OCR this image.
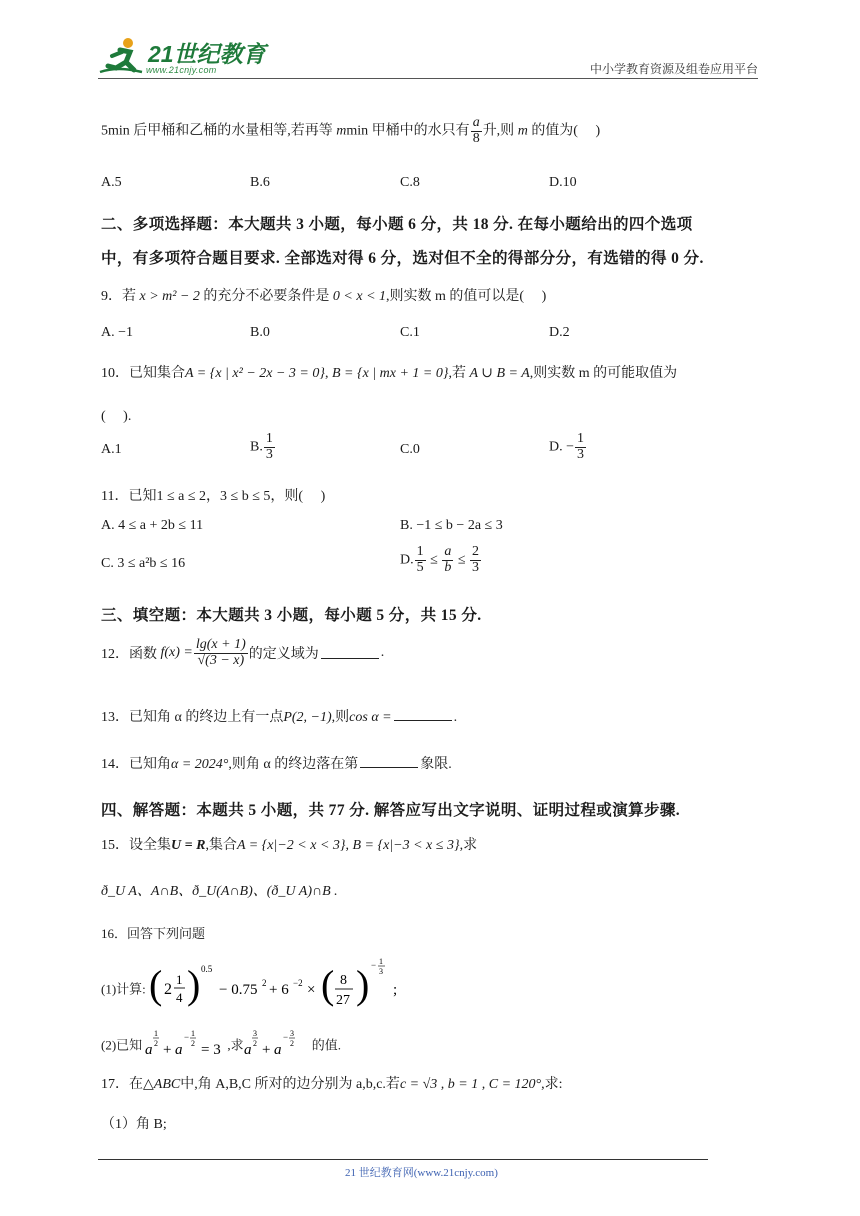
21世纪教育
www.21cnjy.com	中小学教育资源及组卷应用平台
5min 后甲桶和乙桶的水量相等,若再等 mmin 甲桶中的水只有 $\frac{a}{8}$ 升,则 m 的值为(　 )
A.5	B.6	C.8	D.10
二、多项选择题：本大题共 3 小题，每小题 6 分，共 18 分. 在每小题给出的四个选项
中，有多项符合题目要求. 全部选对得 6 分，选对但不全的得部分分，有选错的得 0 分.
9．若 x > m² − 2 的充分不必要条件是 0 < x < 1,则实数 m 的值可以是(　 )
A. −1	B.0	C.1	D.2
10．已知集合A = {x | x² − 2x − 3 = 0}, B = {x | mx + 1 = 0},若 A ∪ B = A,则实数 m 的可能取值为
(　 ).
A.1	B. $\frac{1}{3}$	C.0	D. − $\frac{1}{3}$
11．已知1 ≤ a ≤ 2，3 ≤ b ≤ 5，则(　 )
A. 4 ≤ a + 2b ≤ 11	B. −1 ≤ b − 2a ≤ 3
C. 3 ≤ a²b ≤ 16	D. $\frac{1}{5} \le \frac{a}{b} \le \frac{2}{3}$
三、填空题：本大题共 3 小题，每小题 5 分，共 15 分.
12．函数 $f(x) = \frac{\lg(x + 1)}{√(3 - x)}$ 的定义域为	.
13．已知角 α 的终边上有一点P(2, −1),则cos α =	.
14．已知角α = 2024°,则角 α 的终边落在第	象限.
四、解答题：本题共 5 小题，共 77 分. 解答应写出文字说明、证明过程或演算步骤.
15．设全集U = R,集合A = {x|−2 < x < 3}, B = {x|−3 < x ≤ 3},求
ð_U A、A∩B、ð_U(A∩B)、(ð_U A)∩B .
16．回答下列问题
(1)计算: ( 2
1
4 ) 0.5
− 0.75 2 + 6 −2 × ( 8
27 ) − 1
3
;
(2)已知 a
1
2 + a
− 1
2 = 3 ,求 a
3
2 + a
− 3
2 的值.
17．在△ABC中,角 A,B,C 所对的边分别为 a,b,c.若c = √3 , b = 1 , C = 120°,求:
（1）角 B;
21 世纪教育网(www.21cnjy.com)
